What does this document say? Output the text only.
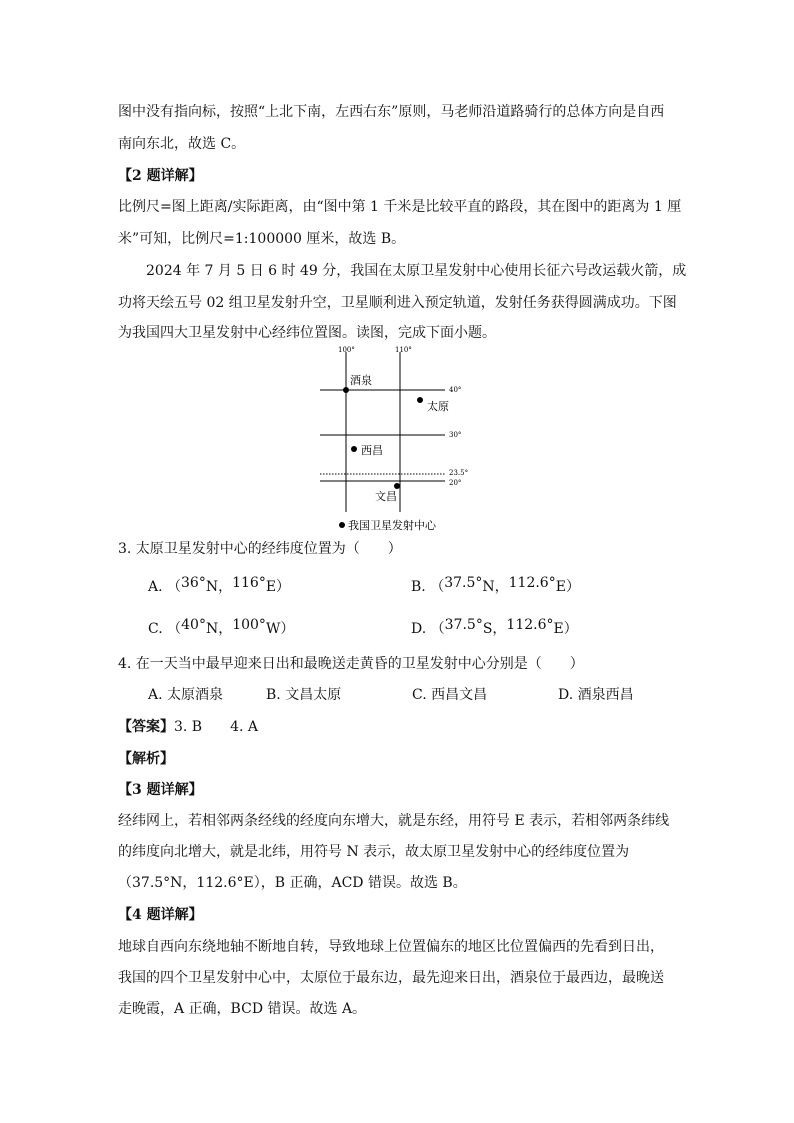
图中没有指向标，按照“上北下南，左西右东”原则，马老师沿道路骑行的总体方向是自西
南向东北，故选 C。
【2 题详解】
比例尺=图上距离/实际距离，由“图中第 1 千米是比较平直的路段，其在图中的距离为 1 厘
米”可知，比例尺=1:100000 厘米，故选 B。
2024 年 7 月 5 日 6 时 49 分，我国在太原卫星发射中心使用长征六号改运载火箭，成
功将天绘五号 02 组卫星发射升空，卫星顺利进入预定轨道，发射任务获得圆满成功。下图
为我国四大卫星发射中心经纬位置图。读图，完成下面小题。
100°	110°
40°
30°
23.5°
20°
酒泉
太原
西昌
文昌
我国卫星发射中心
3. 太原卫星发射中心的经纬度位置为（　　）
A. （36°N，116°E）	B. （37.5°N，112.6°E）
C. （40°N，100°W）	D. （37.5°S，112.6°E）
4. 在一天当中最早迎来日出和最晚送走黄昏的卫星发射中心分别是（　　）
A. 太原酒泉	B. 文昌太原	C. 西昌文昌	D. 酒泉西昌
【答案】3. B 4. A
【解析】
【3 题详解】
经纬网上，若相邻两条经线的经度向东增大，就是东经，用符号 E 表示，若相邻两条纬线
的纬度向北增大，就是北纬，用符号 N 表示，故太原卫星发射中心的经纬度位置为
（37.5°N，112.6°E），B 正确，ACD 错误。故选 B。
【4 题详解】
地球自西向东绕地轴不断地自转，导致地球上位置偏东的地区比位置偏西的先看到日出，
我国的四个卫星发射中心中，太原位于最东边，最先迎来日出，酒泉位于最西边，最晚送
走晚霞，A 正确，BCD 错误。故选 A。
